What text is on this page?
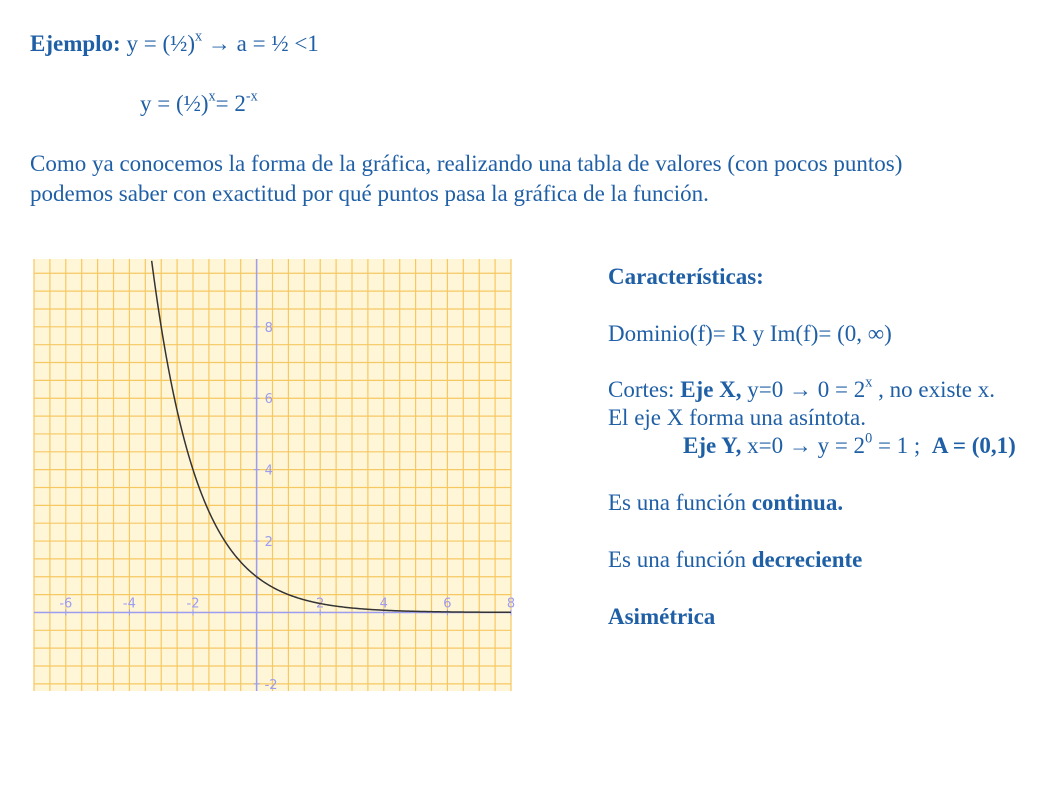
Ejemplo: y = (½)$^x$ → a = ½ <1
y = (½)$^x$= $2^{-x}$
Como ya conocemos la forma de la gráfica, realizando una tabla de valores (con pocos puntos)
podemos saber con exactitud por qué puntos pasa la gráfica de la función.
-6	-4	-2	2	4	6	8
8
6
4
2
-2
Características:
Dominio(f)= R y Im(f)= (0, ∞)
Cortes: Eje X, $y=0 \to 0 = 2^x$ , no existe x.
El eje X forma una asíntota.
Eje Y, $x=0 \to y = 2^0 = 1$ ; A = (0,1)
Es una función continua.
Es una función decreciente
Asimétrica
